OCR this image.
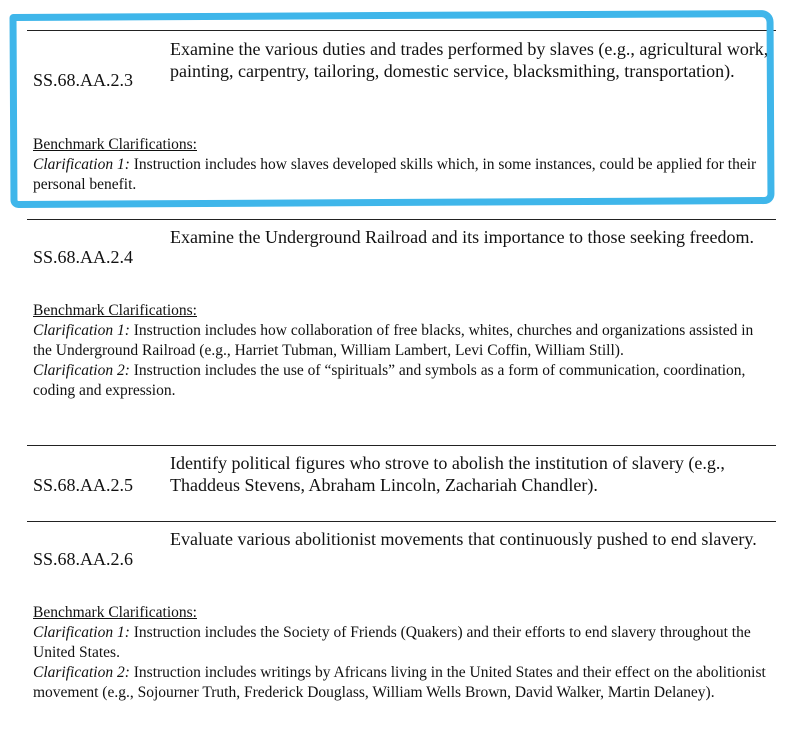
SS.68.AA.2.3
Examine the various duties and trades performed by slaves (e.g., agricultural work, painting, carpentry, tailoring, domestic service, blacksmithing, transportation).
Benchmark Clarifications:
Clarification 1: Instruction includes how slaves developed skills which, in some instances, could be applied for their personal benefit.
SS.68.AA.2.4
Examine the Underground Railroad and its importance to those seeking freedom.
Benchmark Clarifications:
Clarification 1: Instruction includes how collaboration of free blacks, whites, churches and organizations assisted in the Underground Railroad (e.g., Harriet Tubman, William Lambert, Levi Coffin, William Still).
Clarification 2: Instruction includes the use of “spirituals” and symbols as a form of communication, coordination, coding and expression.
SS.68.AA.2.5
Identify political figures who strove to abolish the institution of slavery (e.g., Thaddeus Stevens, Abraham Lincoln, Zachariah Chandler).
SS.68.AA.2.6
Evaluate various abolitionist movements that continuously pushed to end slavery.
Benchmark Clarifications:
Clarification 1: Instruction includes the Society of Friends (Quakers) and their efforts to end slavery throughout the United States.
Clarification 2: Instruction includes writings by Africans living in the United States and their effect on the abolitionist movement (e.g., Sojourner Truth, Frederick Douglass, William Wells Brown, David Walker, Martin Delaney).
